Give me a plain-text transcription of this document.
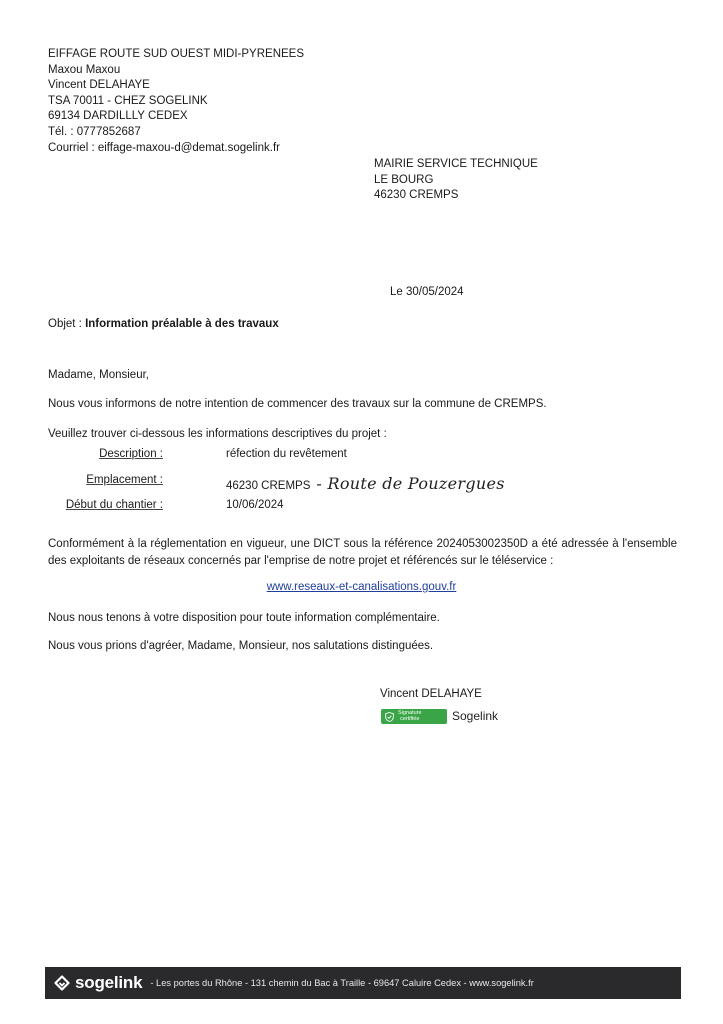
EIFFAGE ROUTE SUD OUEST MIDI-PYRENEES
Maxou Maxou
Vincent DELAHAYE
TSA 70011 - CHEZ SOGELINK
69134 DARDILLLY CEDEX
Tél. : 0777852687
Courriel : eiffage-maxou-d@demat.sogelink.fr
MAIRIE SERVICE TECHNIQUE
LE BOURG
46230 CREMPS
Le 30/05/2024
Objet : Information préalable à des travaux
Madame, Monsieur,
Nous vous informons de notre intention de commencer des travaux sur la commune de CREMPS.
Veuillez trouver ci-dessous les informations descriptives du projet :
Description :	réfection du revêtement
Emplacement :	46230 CREMPS - Route de Pouzergues
Début du chantier :	10/06/2024
Conformément à la réglementation en vigueur, une DICT sous la référence 2024053002350D a été adressée à l'ensemble des exploitants de réseaux concernés par l'emprise de notre projet et référencés sur le téléservice :
www.reseaux-et-canalisations.gouv.fr
Nous nous tenons à votre disposition pour toute information complémentaire.
Nous vous prions d'agréer, Madame, Monsieur, nos salutations distinguées.
Vincent DELAHAYE
Signature
certifiée	Sogelink
sogelink - Les portes du Rhône - 131 chemin du Bac à Traille - 69647 Caluire Cedex - www.sogelink.fr
